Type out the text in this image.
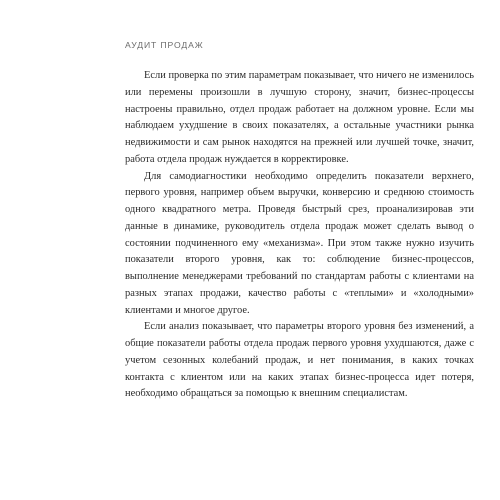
АУДИТ ПРОДАЖ

Если проверка по этим параметрам показывает, что ничего не изменилось или перемены произошли в лучшую сторону, значит, бизнес-процессы настроены правильно, отдел продаж работает на должном уровне. Если мы наблюдаем ухудшение в своих показателях, а остальные участники рынка недвижимости и сам рынок находятся на прежней или лучшей точке, значит, работа отдела продаж нуждается в корректировке.

Для самодиагностики необходимо определить показатели верхнего, первого уровня, например объем выручки, конверсию и среднюю стоимость одного квадратного метра. Проведя быстрый срез, проанализировав эти данные в динамике, руководитель отдела продаж может сделать вывод о состоянии подчиненного ему «механизма». При этом также нужно изучить показатели второго уровня, как то: соблюдение бизнес-процессов, выполнение менеджерами требований по стандартам работы с клиентами на разных этапах продажи, качество работы с «теплыми» и «холодными» клиентами и многое другое.

Если анализ показывает, что параметры второго уровня без изменений, а общие показатели работы отдела продаж первого уровня ухудшаются, даже с учетом сезонных колебаний продаж, и нет понимания, в каких точках контакта с клиентом или на каких этапах бизнес-процесса идет потеря, необходимо обращаться за помощью к внешним специалистам.
